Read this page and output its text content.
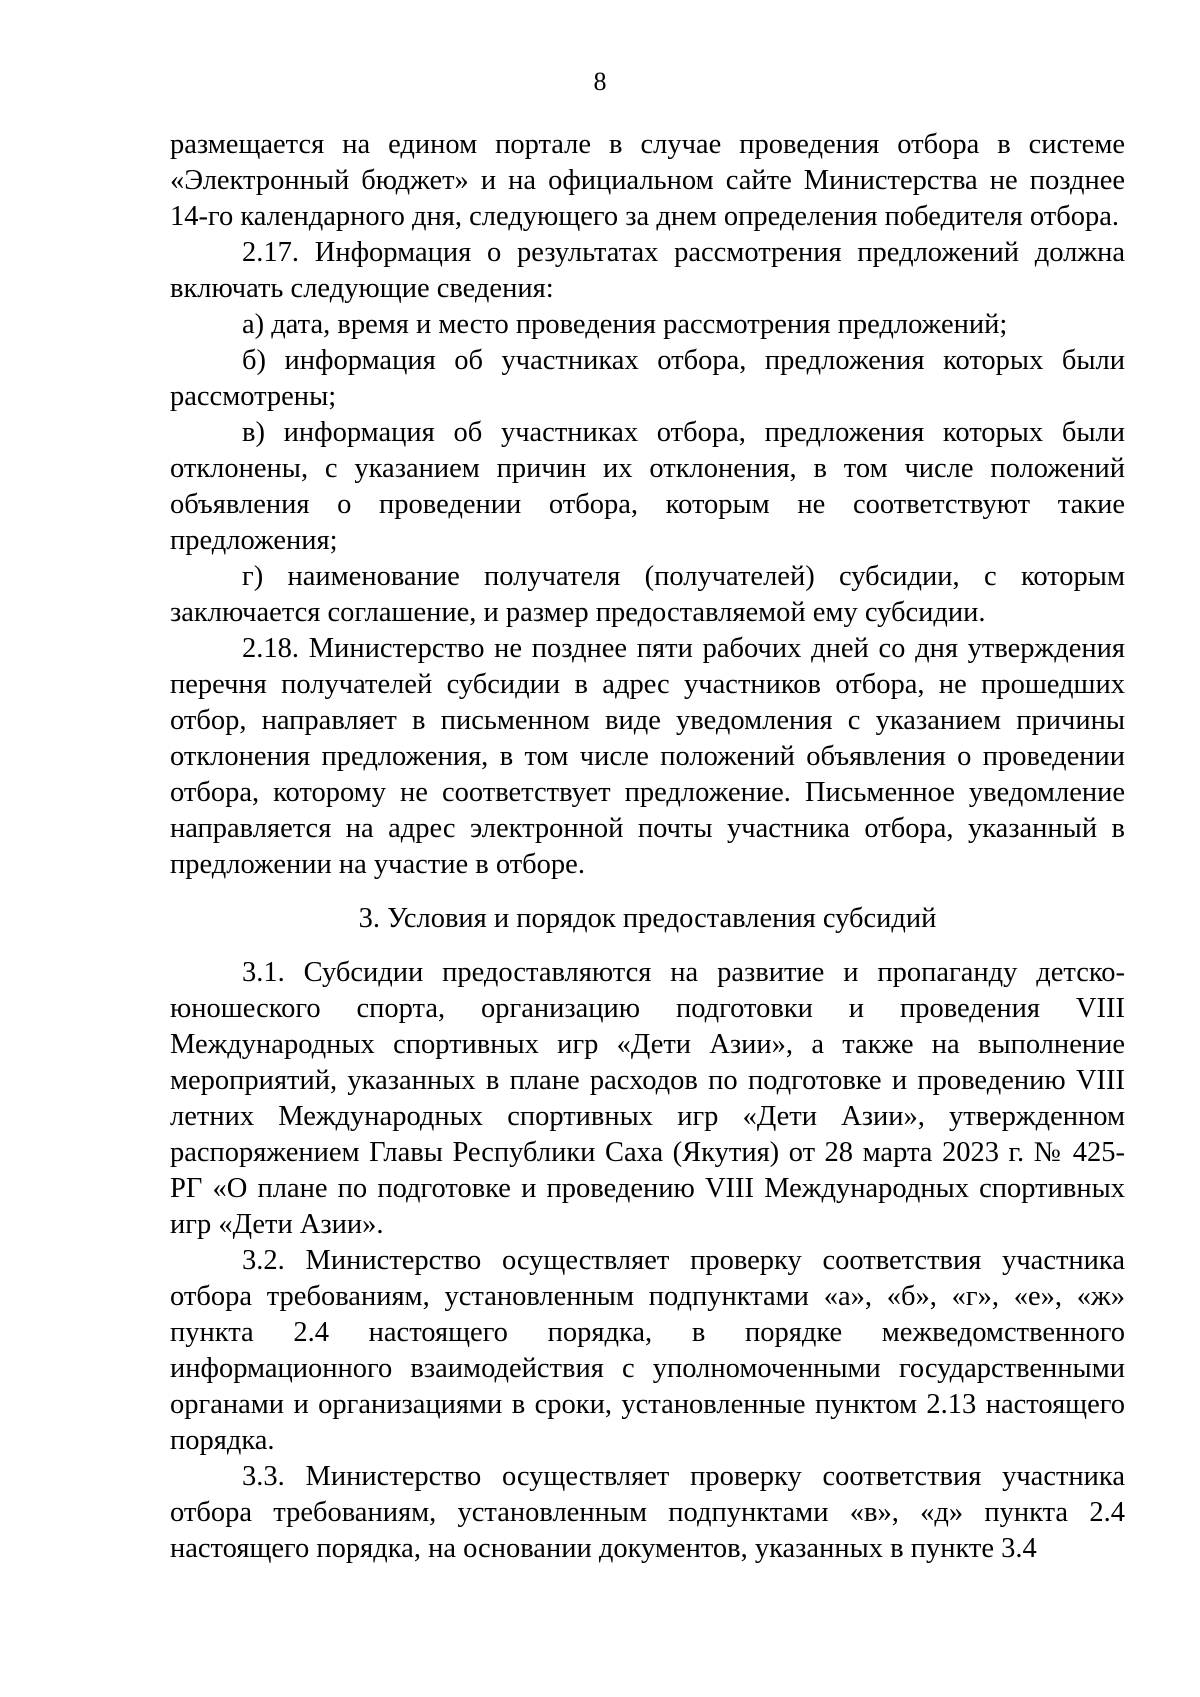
8

размещается на едином портале в случае проведения отбора в системе «Электронный бюджет» и на официальном сайте Министерства не позднее 14-го календарного дня, следующего за днем определения победителя отбора.

2.17. Информация о результатах рассмотрения предложений должна включать следующие сведения:

а) дата, время и место проведения рассмотрения предложений;

б) информация об участниках отбора, предложения которых были рассмотрены;

в) информация об участниках отбора, предложения которых были отклонены, с указанием причин их отклонения, в том числе положений объявления о проведении отбора, которым не соответствуют такие предложения;

г) наименование получателя (получателей) субсидии, с которым заключается соглашение, и размер предоставляемой ему субсидии.

2.18. Министерство не позднее пяти рабочих дней со дня утверждения перечня получателей субсидии в адрес участников отбора, не прошедших отбор, направляет в письменном виде уведомления с указанием причины отклонения предложения, в том числе положений объявления о проведении отбора, которому не соответствует предложение. Письменное уведомление направляется на адрес электронной почты участника отбора, указанный в предложении на участие в отборе.

3. Условия и порядок предоставления субсидий

3.1. Субсидии предоставляются на развитие и пропаганду детско-юношеского спорта, организацию подготовки и проведения VIII Международных спортивных игр «Дети Азии», а также на выполнение мероприятий, указанных в плане расходов по подготовке и проведению VIII летних Международных спортивных игр «Дети Азии», утвержденном распоряжением Главы Республики Саха (Якутия) от 28 марта 2023 г. № 425-РГ «О плане по подготовке и проведению VIII Международных спортивных игр «Дети Азии».

3.2. Министерство осуществляет проверку соответствия участника отбора требованиям, установленным подпунктами «а», «б», «г», «е», «ж» пункта 2.4 настоящего порядка, в порядке межведомственного информационного взаимодействия с уполномоченными государственными органами и организациями в сроки, установленные пунктом 2.13 настоящего порядка.

3.3. Министерство осуществляет проверку соответствия участника отбора требованиям, установленным подпунктами «в», «д» пункта 2.4 настоящего порядка, на основании документов, указанных в пункте 3.4
